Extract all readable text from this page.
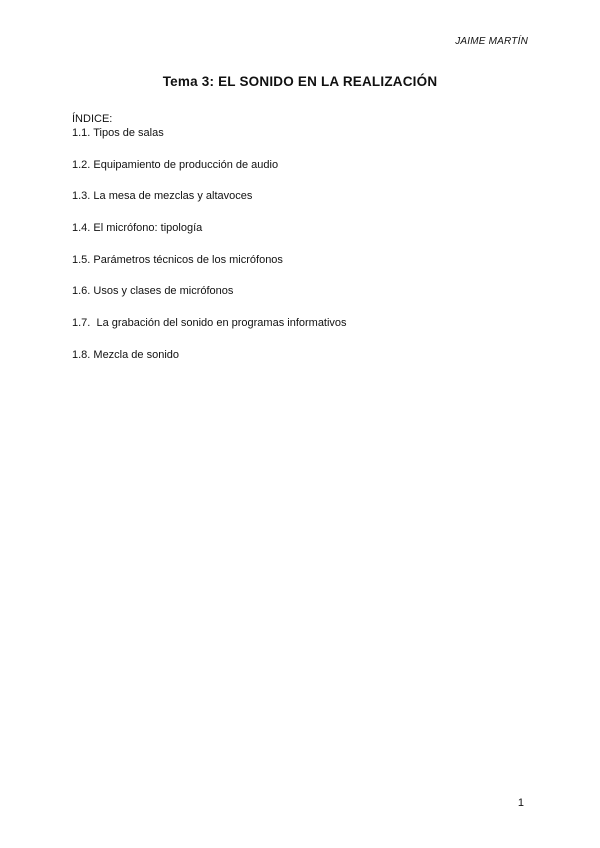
JAIME MARTÍN
Tema 3: EL SONIDO EN LA REALIZACIÓN
ÍNDICE:
1.1. Tipos de salas
1.2. Equipamiento de producción de audio
1.3. La mesa de mezclas y altavoces
1.4. El micrófono: tipología
1.5. Parámetros técnicos de los micrófonos
1.6. Usos y clases de micrófonos
1.7.  La grabación del sonido en programas informativos
1.8. Mezcla de sonido
1
